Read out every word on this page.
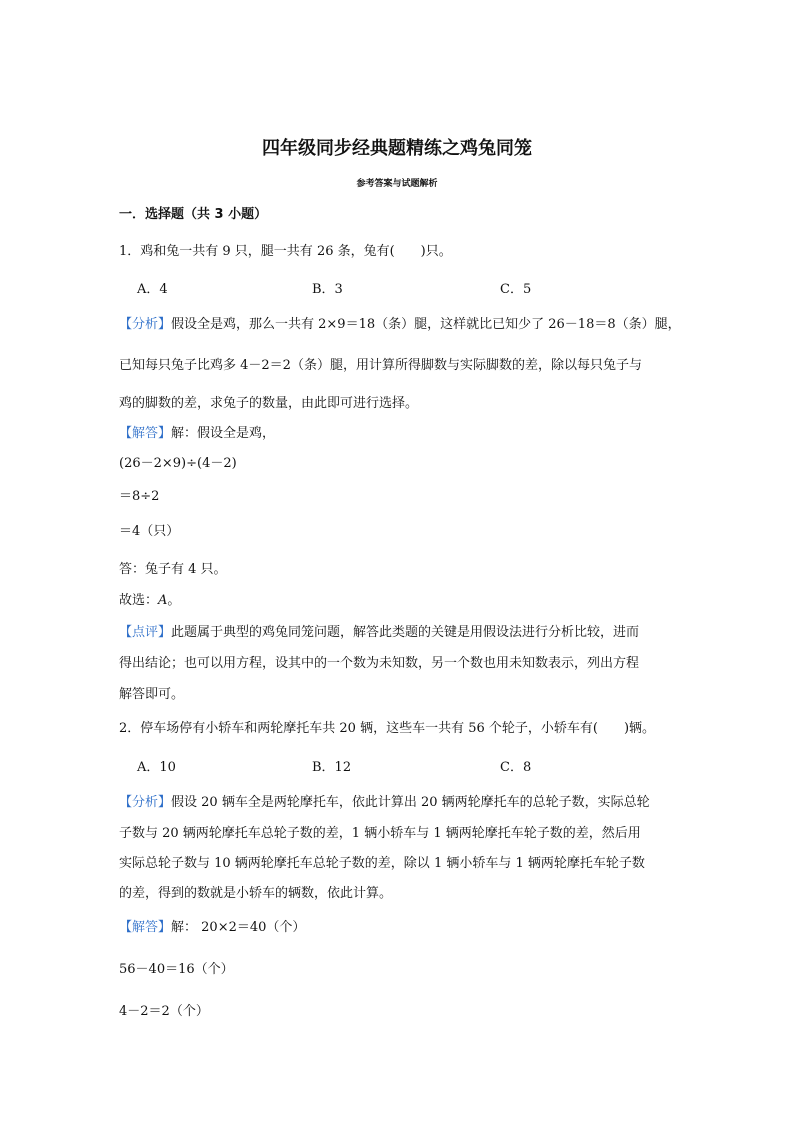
四年级同步经典题精练之鸡兔同笼
参考答案与试题解析
一．选择题（共 3 小题）
1．鸡和兔一共有 9 只，腿一共有 26 条，兔有(　　)只。
A．4	B．3	C．5
【分析】假设全是鸡，那么一共有 2×9＝18（条）腿，这样就比已知少了 26－18＝8（条）腿，
已知每只兔子比鸡多 4－2＝2（条）腿，用计算所得脚数与实际脚数的差，除以每只兔子与
鸡的脚数的差，求兔子的数量，由此即可进行选择。
【解答】解：假设全是鸡，
(26－2×9)÷(4－2)
＝8÷2
＝4（只）
答：兔子有 4 只。
故选：A。
【点评】此题属于典型的鸡兔同笼问题，解答此类题的关键是用假设法进行分析比较，进而
得出结论；也可以用方程，设其中的一个数为未知数，另一个数也用未知数表示，列出方程
解答即可。
2．停车场停有小轿车和两轮摩托车共 20 辆，这些车一共有 56 个轮子，小轿车有(　　)辆。
A．10	B．12	C．8
【分析】假设 20 辆车全是两轮摩托车，依此计算出 20 辆两轮摩托车的总轮子数，实际总轮
子数与 20 辆两轮摩托车总轮子数的差，1 辆小轿车与 1 辆两轮摩托车轮子数的差，然后用
实际总轮子数与 10 辆两轮摩托车总轮子数的差，除以 1 辆小轿车与 1 辆两轮摩托车轮子数
的差，得到的数就是小轿车的辆数，依此计算。
【解答】解： 20×2＝40（个）
56－40＝16（个）
4－2＝2（个）
